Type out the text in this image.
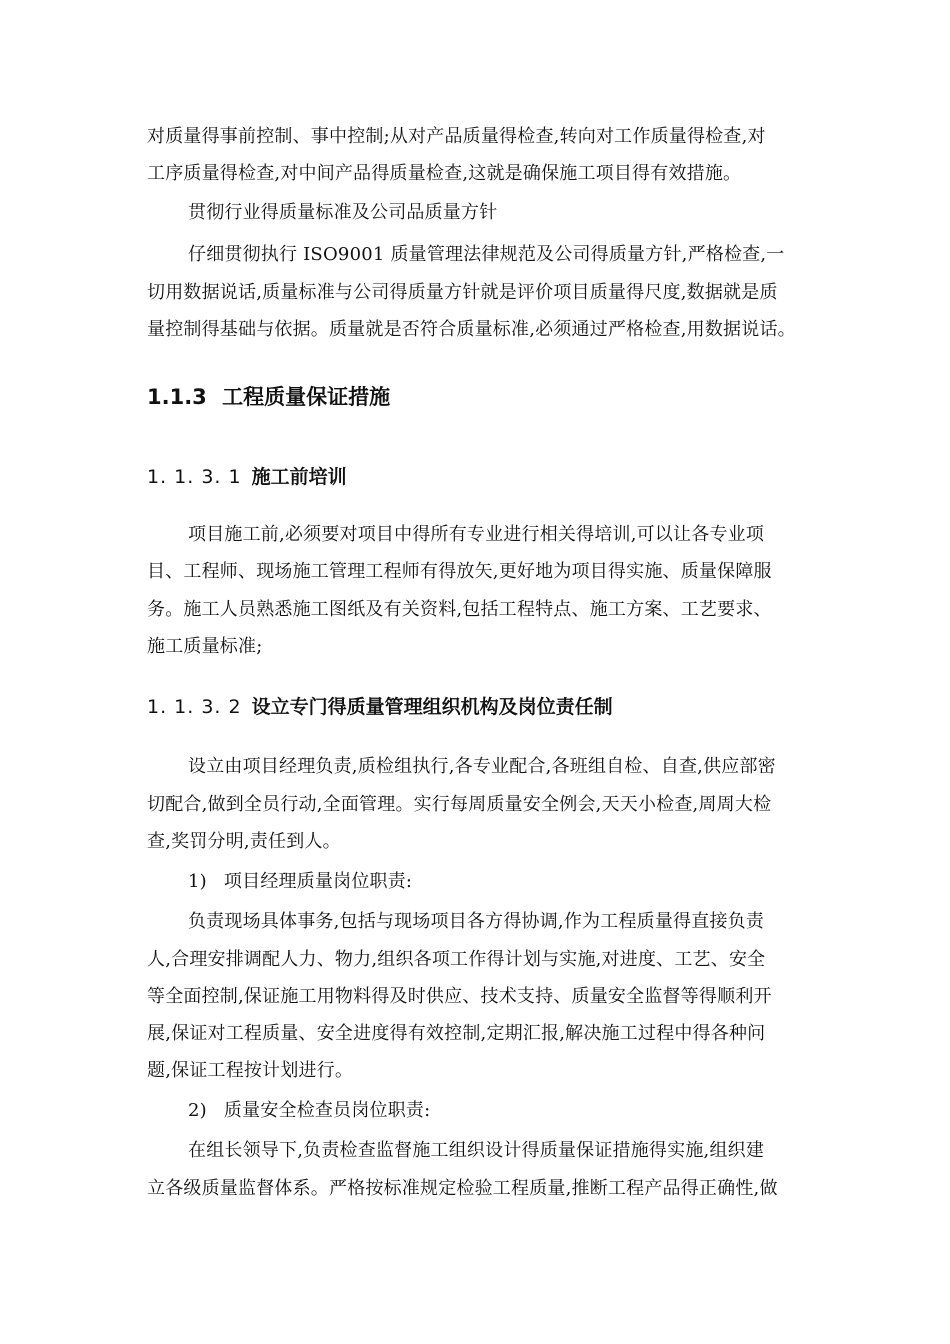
对质量得事前控制、事中控制;从对产品质量得检查,转向对工作质量得检查,对
工序质量得检查,对中间产品得质量检查,这就是确保施工项目得有效措施。
贯彻行业得质量标准及公司品质量方针
仔细贯彻执行 ISO9001 质量管理法律规范及公司得质量方针,严格检查,一
切用数据说话,质量标准与公司得质量方针就是评价项目质量得尺度,数据就是质
量控制得基础与依据。质量就是否符合质量标准,必须通过严格检查,用数据说话。
1.1.3 工程质量保证措施
1. 1. 3. 1 施工前培训
项目施工前,必须要对项目中得所有专业进行相关得培训,可以让各专业项
目、工程师、现场施工管理工程师有得放矢,更好地为项目得实施、质量保障服
务。施工人员熟悉施工图纸及有关资料,包括工程特点、施工方案、工艺要求、
施工质量标准;
1. 1. 3. 2 设立专门得质量管理组织机构及岗位责任制
设立由项目经理负责,质检组执行,各专业配合,各班组自检、自查,供应部密
切配合,做到全员行动,全面管理。实行每周质量安全例会,天天小检查,周周大检
查,奖罚分明,责任到人。
1) 项目经理质量岗位职责:
负责现场具体事务,包括与现场项目各方得协调,作为工程质量得直接负责
人,合理安排调配人力、物力,组织各项工作得计划与实施,对进度、工艺、安全
等全面控制,保证施工用物料得及时供应、技术支持、质量安全监督等得顺利开
展,保证对工程质量、安全进度得有效控制,定期汇报,解决施工过程中得各种问
题,保证工程按计划进行。
2) 质量安全检查员岗位职责:
在组长领导下,负责检查监督施工组织设计得质量保证措施得实施,组织建
立各级质量监督体系。严格按标准规定检验工程质量,推断工程产品得正确性,做
